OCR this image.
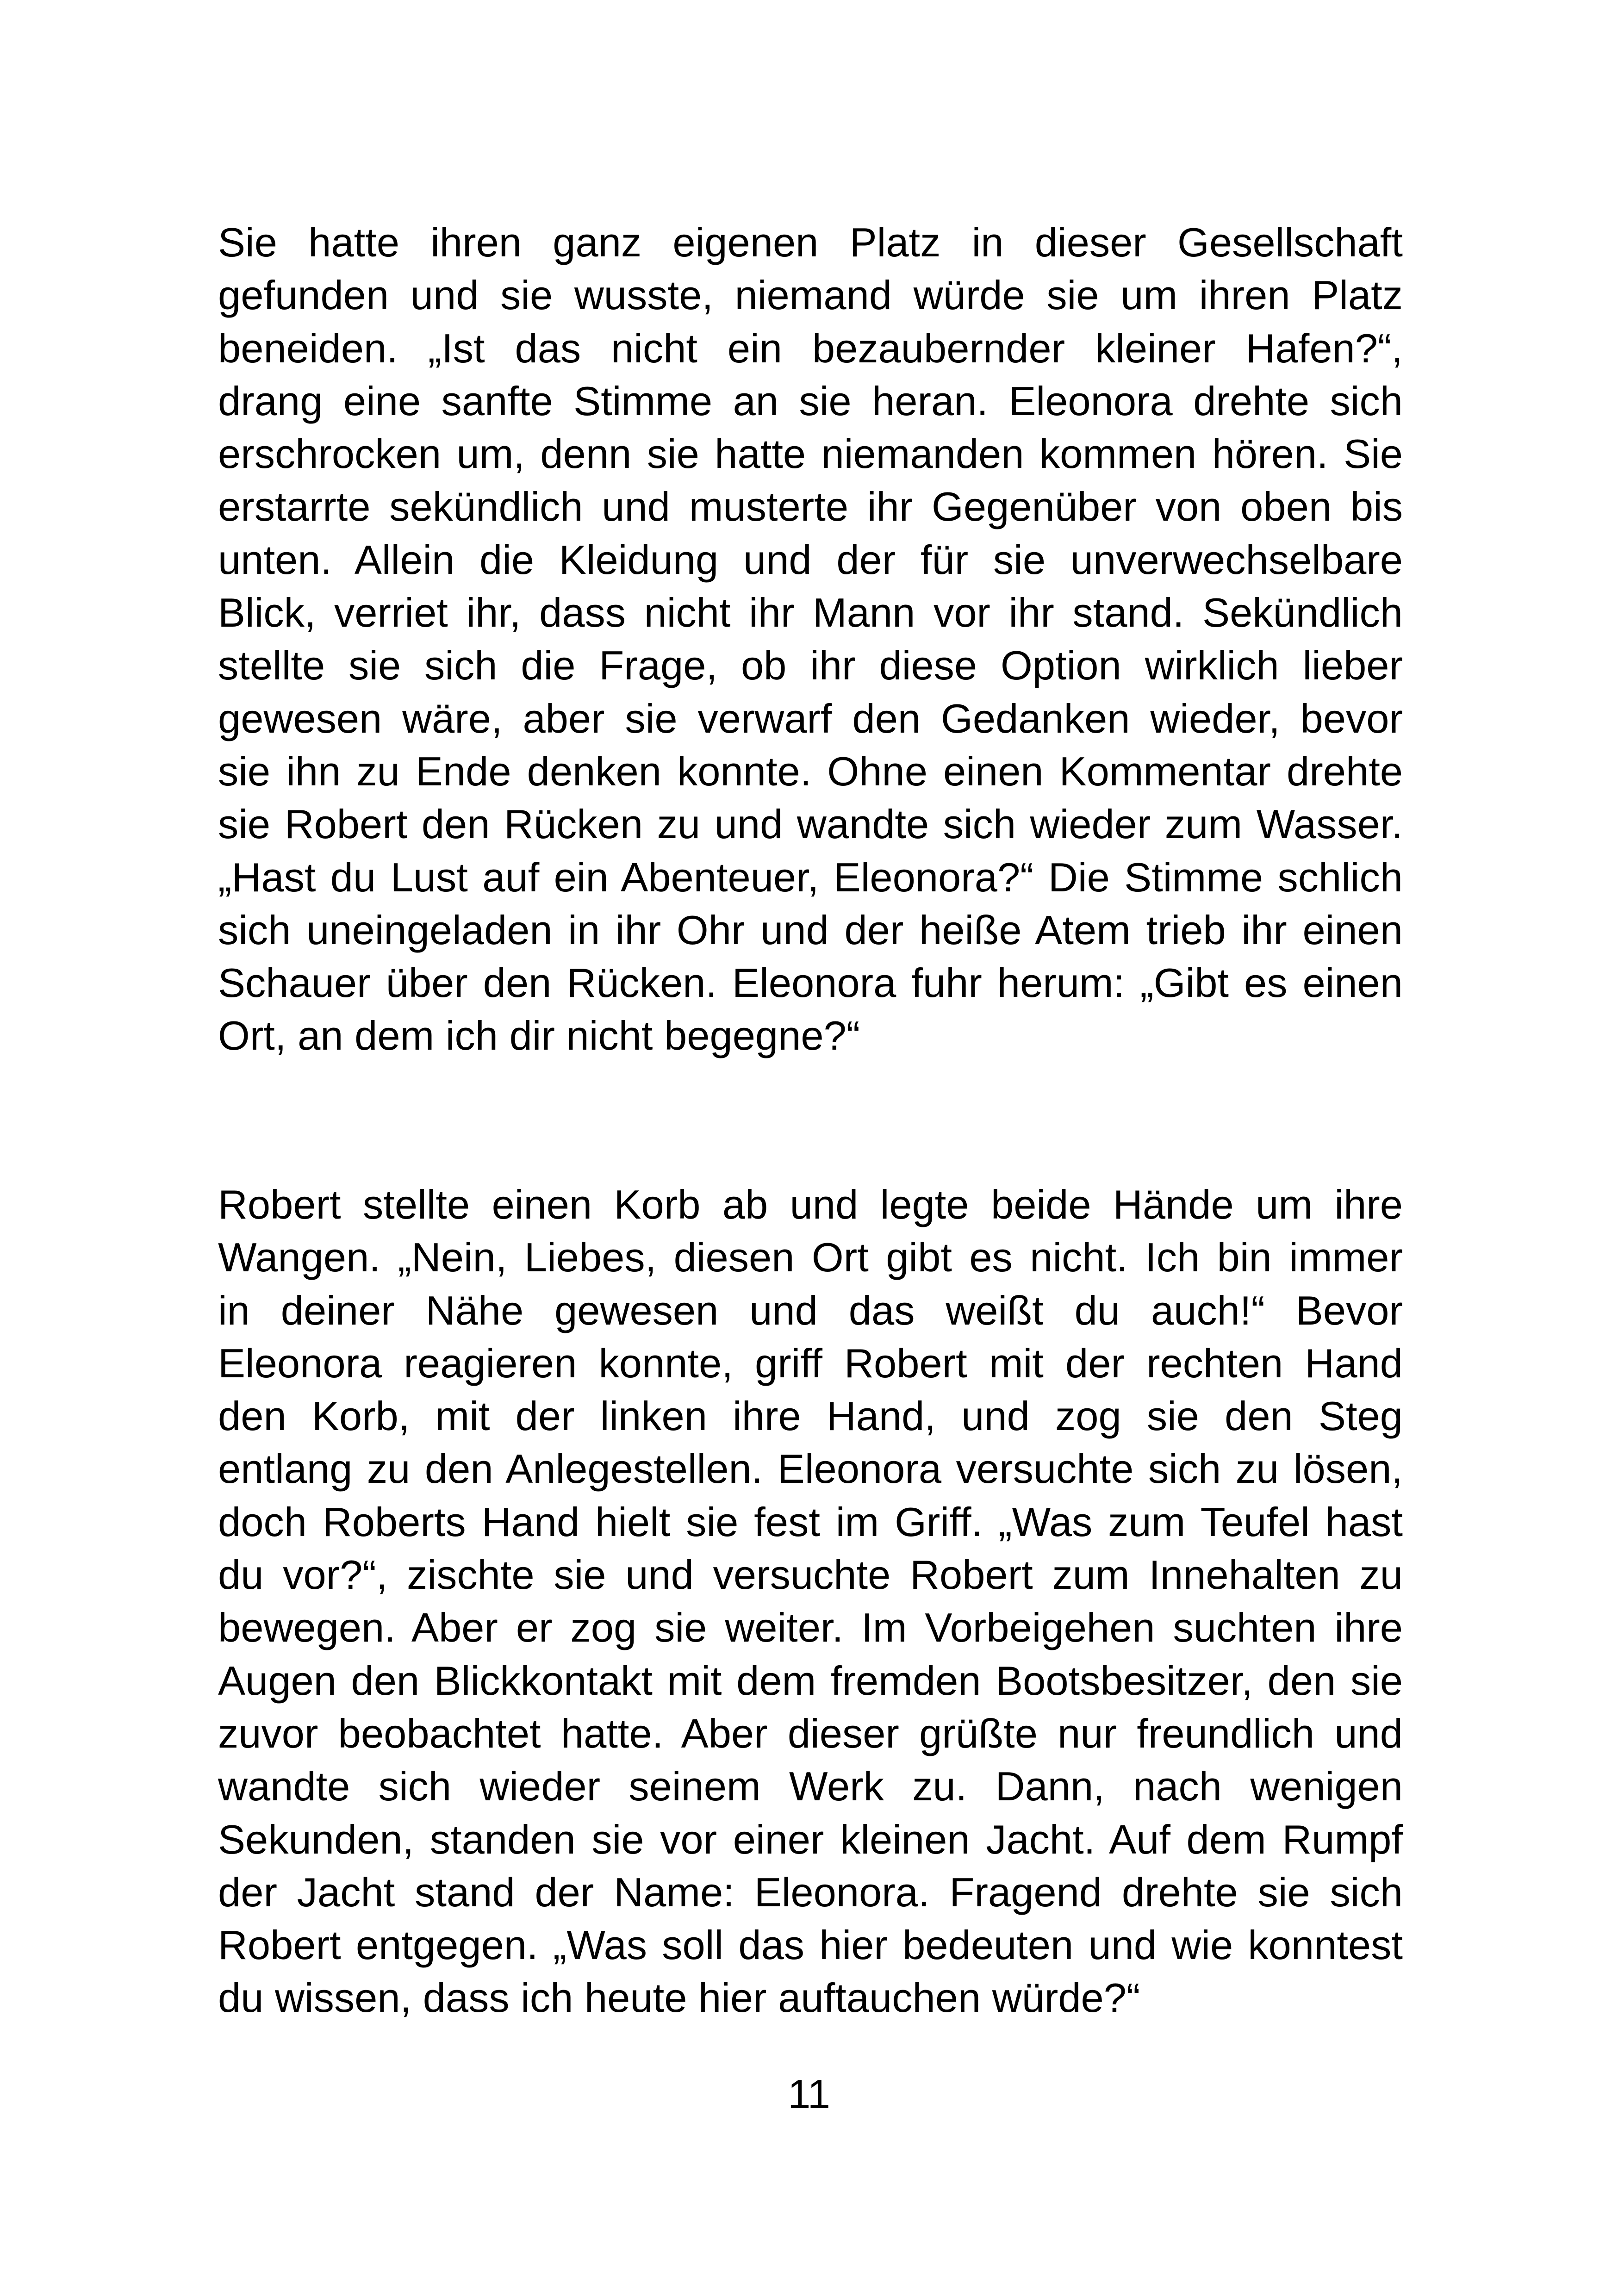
Sie hatte ihren ganz eigenen Platz in dieser Gesellschaft
gefunden und sie wusste, niemand würde sie um ihren Platz
beneiden. „Ist das nicht ein bezaubernder kleiner Hafen?“,
drang eine sanfte Stimme an sie heran. Eleonora drehte sich
erschrocken um, denn sie hatte niemanden kommen hören. Sie
erstarrte sekündlich und musterte ihr Gegenüber von oben bis
unten. Allein die Kleidung und der für sie unverwechselbare
Blick, verriet ihr, dass nicht ihr Mann vor ihr stand. Sekündlich
stellte sie sich die Frage, ob ihr diese Option wirklich lieber
gewesen wäre, aber sie verwarf den Gedanken wieder, bevor
sie ihn zu Ende denken konnte. Ohne einen Kommentar drehte
sie Robert den Rücken zu und wandte sich wieder zum Wasser.
„Hast du Lust auf ein Abenteuer, Eleonora?“ Die Stimme schlich
sich uneingeladen in ihr Ohr und der heiße Atem trieb ihr einen
Schauer über den Rücken. Eleonora fuhr herum: „Gibt es einen
Ort, an dem ich dir nicht begegne?“
Robert stellte einen Korb ab und legte beide Hände um ihre
Wangen. „Nein, Liebes, diesen Ort gibt es nicht. Ich bin immer
in deiner Nähe gewesen und das weißt du auch!“ Bevor
Eleonora reagieren konnte, griff Robert mit der rechten Hand
den Korb, mit der linken ihre Hand, und zog sie den Steg
entlang zu den Anlegestellen. Eleonora versuchte sich zu lösen,
doch Roberts Hand hielt sie fest im Griff. „Was zum Teufel hast
du vor?“, zischte sie und versuchte Robert zum Innehalten zu
bewegen. Aber er zog sie weiter. Im Vorbeigehen suchten ihre
Augen den Blickkontakt mit dem fremden Bootsbesitzer, den sie
zuvor beobachtet hatte. Aber dieser grüßte nur freundlich und
wandte sich wieder seinem Werk zu. Dann, nach wenigen
Sekunden, standen sie vor einer kleinen Jacht. Auf dem Rumpf
der Jacht stand der Name: Eleonora. Fragend drehte sie sich
Robert entgegen. „Was soll das hier bedeuten und wie konntest
du wissen, dass ich heute hier auftauchen würde?“
11
